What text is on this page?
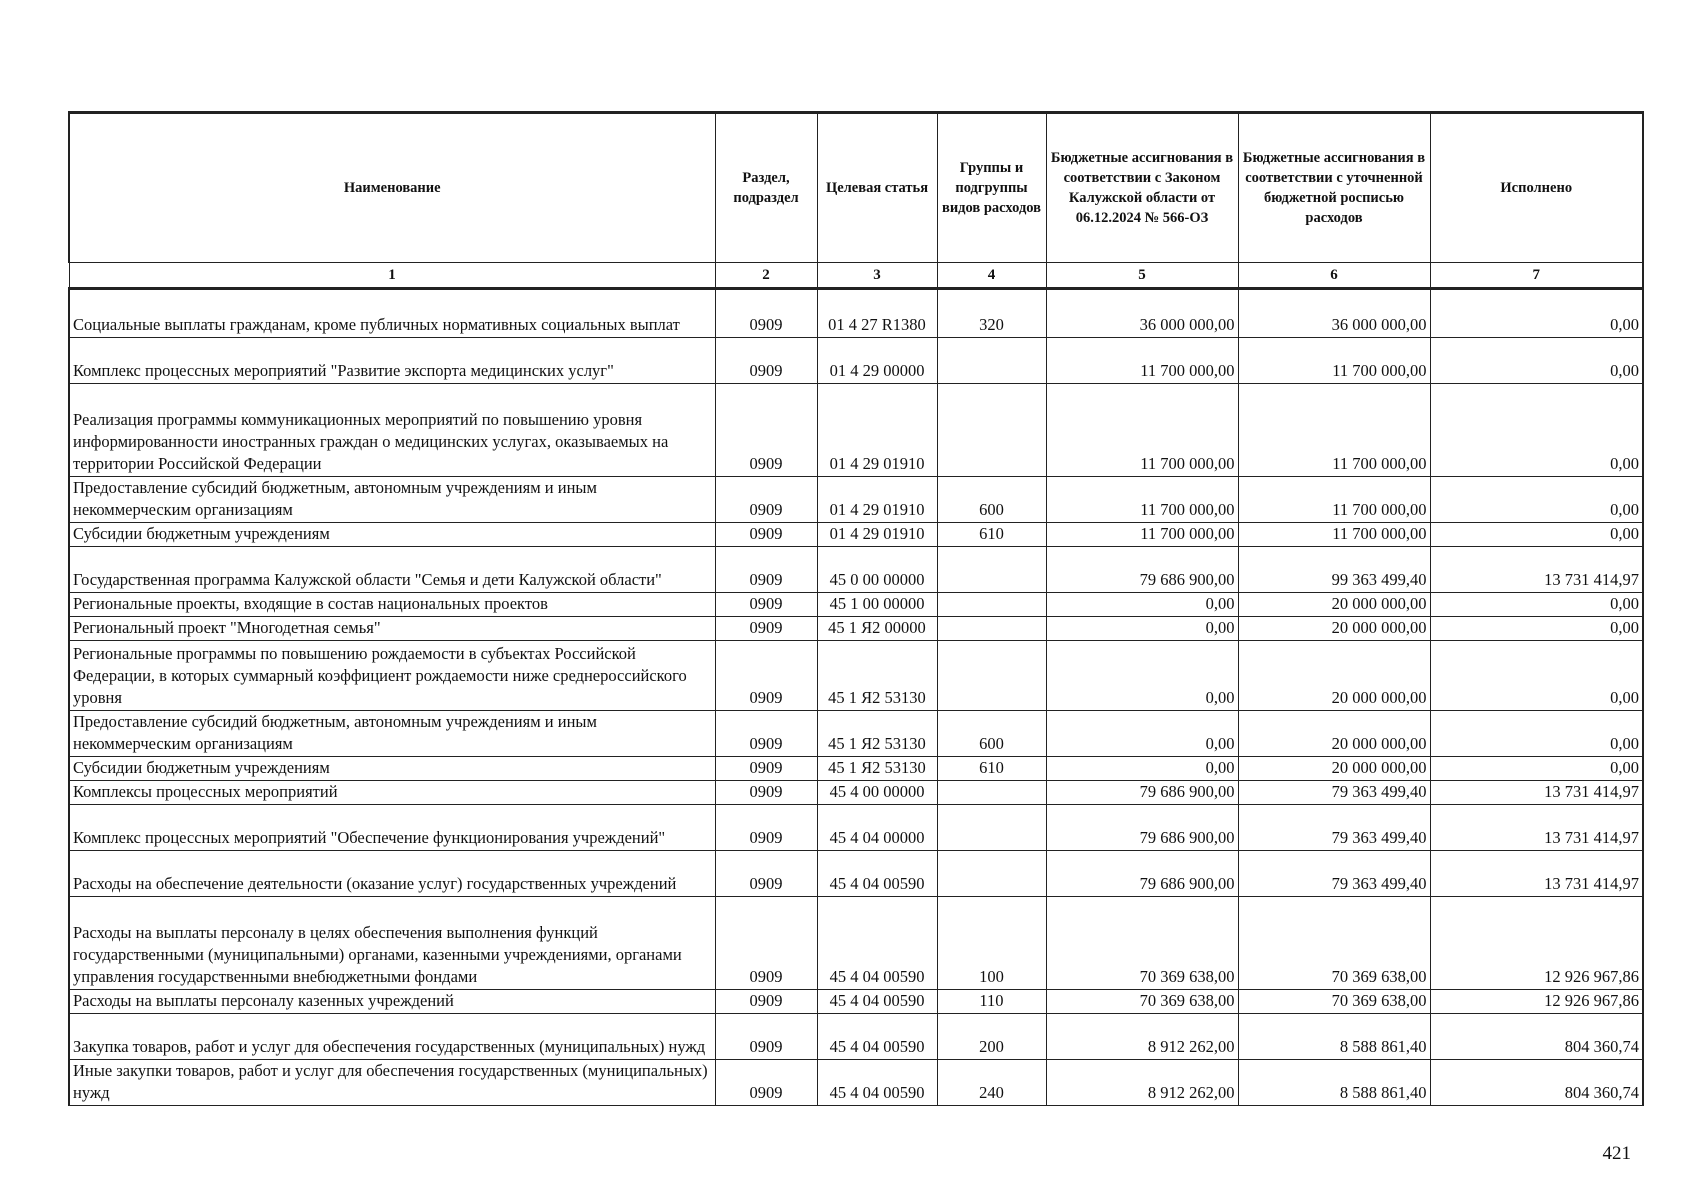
Наименование	Раздел, подраздел	Целевая статья	Группы и подгруппы видов расходов	Бюджетные ассигнования в соответствии с Законом Калужской области от 06.12.2024 № 566-ОЗ	Бюджетные ассигнования в соответствии с уточненной бюджетной росписью расходов	Исполнено
1	2	3	4	5	6	7
Социальные выплаты гражданам, кроме публичных нормативных социальных выплат	0909	01 4 27 R1380	320	36 000 000,00	36 000 000,00	0,00
Комплекс процессных мероприятий "Развитие экспорта медицинских услуг"	0909	01 4 29 00000		11 700 000,00	11 700 000,00	0,00
Реализация программы коммуникационных мероприятий по повышению уровня информированности иностранных граждан о медицинских услугах, оказываемых на территории Российской Федерации	0909	01 4 29 01910		11 700 000,00	11 700 000,00	0,00
Предоставление субсидий бюджетным, автономным учреждениям и иным некоммерческим организациям	0909	01 4 29 01910	600	11 700 000,00	11 700 000,00	0,00
Субсидии бюджетным учреждениям	0909	01 4 29 01910	610	11 700 000,00	11 700 000,00	0,00
Государственная программа Калужской области "Семья и дети Калужской области"	0909	45 0 00 00000		79 686 900,00	99 363 499,40	13 731 414,97
Региональные проекты, входящие в состав национальных проектов	0909	45 1 00 00000		0,00	20 000 000,00	0,00
Региональный проект "Многодетная семья"	0909	45 1 Я2 00000		0,00	20 000 000,00	0,00
Региональные программы по повышению рождаемости в субъектах Российской Федерации, в которых суммарный коэффициент рождаемости ниже среднероссийского уровня	0909	45 1 Я2 53130		0,00	20 000 000,00	0,00
Предоставление субсидий бюджетным, автономным учреждениям и иным некоммерческим организациям	0909	45 1 Я2 53130	600	0,00	20 000 000,00	0,00
Субсидии бюджетным учреждениям	0909	45 1 Я2 53130	610	0,00	20 000 000,00	0,00
Комплексы процессных мероприятий	0909	45 4 00 00000		79 686 900,00	79 363 499,40	13 731 414,97
Комплекс процессных мероприятий "Обеспечение функционирования учреждений"	0909	45 4 04 00000		79 686 900,00	79 363 499,40	13 731 414,97
Расходы на обеспечение деятельности (оказание услуг) государственных учреждений	0909	45 4 04 00590		79 686 900,00	79 363 499,40	13 731 414,97
Расходы на выплаты персоналу в целях обеспечения выполнения функций государственными (муниципальными) органами, казенными учреждениями, органами управления государственными внебюджетными фондами	0909	45 4 04 00590	100	70 369 638,00	70 369 638,00	12 926 967,86
Расходы на выплаты персоналу казенных учреждений	0909	45 4 04 00590	110	70 369 638,00	70 369 638,00	12 926 967,86
Закупка товаров, работ и услуг для обеспечения государственных (муниципальных) нужд	0909	45 4 04 00590	200	8 912 262,00	8 588 861,40	804 360,74
Иные закупки товаров, работ и услуг для обеспечения государственных (муниципальных) нужд	0909	45 4 04 00590	240	8 912 262,00	8 588 861,40	804 360,74
421
